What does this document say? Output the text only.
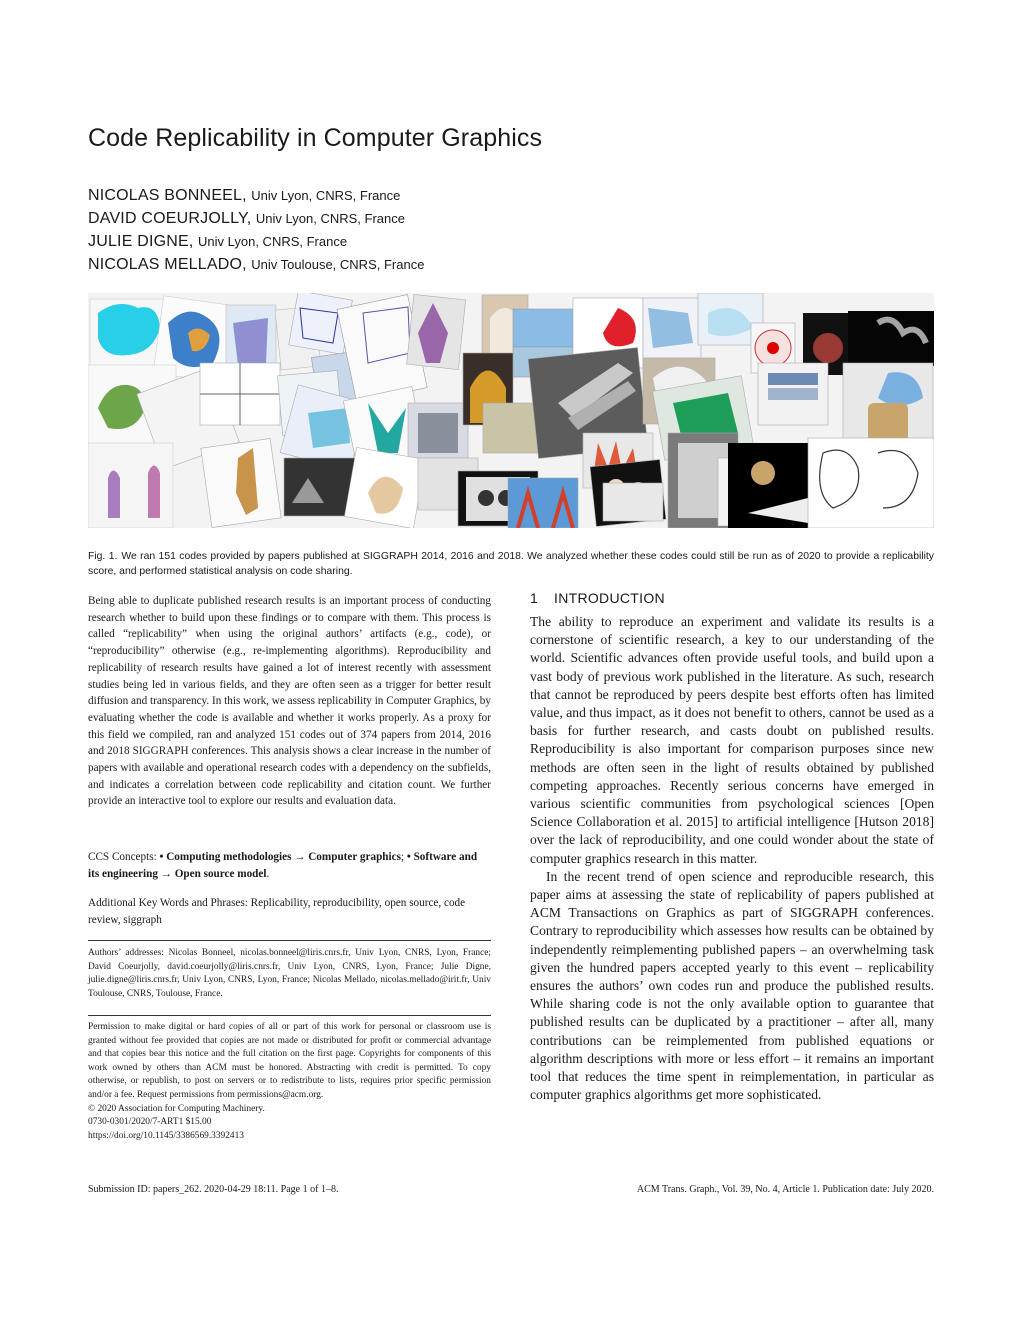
Code Replicability in Computer Graphics
NICOLAS BONNEEL, Univ Lyon, CNRS, France
DAVID COEURJOLLY, Univ Lyon, CNRS, France
JULIE DIGNE, Univ Lyon, CNRS, France
NICOLAS MELLADO, Univ Toulouse, CNRS, France
Fig. 1. We ran 151 codes provided by papers published at SIGGRAPH 2014, 2016 and 2018. We analyzed whether these codes could still be run as of 2020 to provide a replicability score, and performed statistical analysis on code sharing.
Being able to duplicate published research results is an important process of conducting research whether to build upon these findings or to compare with them. This process is called “replicability” when using the original authors’ artifacts (e.g., code), or “reproducibility” otherwise (e.g., re-implementing algorithms). Reproducibility and replicability of research results have gained a lot of interest recently with assessment studies being led in various fields, and they are often seen as a trigger for better result diffusion and transparency. In this work, we assess replicability in Computer Graphics, by evaluating whether the code is available and whether it works properly. As a proxy for this field we compiled, ran and analyzed 151 codes out of 374 papers from 2014, 2016 and 2018 SIGGRAPH conferences. This analysis shows a clear increase in the number of papers with available and operational research codes with a dependency on the subfields, and indicates a correlation between code replicability and citation count. We further provide an interactive tool to explore our results and evaluation data.
CCS Concepts: • Computing methodologies → Computer graphics; • Software and its engineering → Open source model.
Additional Key Words and Phrases: Replicability, reproducibility, open source, code review, siggraph
Authors’ addresses: Nicolas Bonneel, nicolas.bonneel@liris.cnrs.fr, Univ Lyon, CNRS, Lyon, France; David Coeurjolly, david.coeurjolly@liris.cnrs.fr, Univ Lyon, CNRS, Lyon, France; Julie Digne, julie.digne@liris.cnrs.fr, Univ Lyon, CNRS, Lyon, France; Nicolas Mellado, nicolas.mellado@irit.fr, Univ Toulouse, CNRS, Toulouse, France.
Permission to make digital or hard copies of all or part of this work for personal or classroom use is granted without fee provided that copies are not made or distributed for profit or commercial advantage and that copies bear this notice and the full citation on the first page. Copyrights for components of this work owned by others than ACM must be honored. Abstracting with credit is permitted. To copy otherwise, or republish, to post on servers or to redistribute to lists, requires prior specific permission and/or a fee. Request permissions from permissions@acm.org.
© 2020 Association for Computing Machinery.
0730-0301/2020/7-ART1 $15.00
https://doi.org/10.1145/3386569.3392413
1 INTRODUCTION

The ability to reproduce an experiment and validate its results is a cornerstone of scientific research, a key to our understanding of the world. Scientific advances often provide useful tools, and build upon a vast body of previous work published in the literature. As such, research that cannot be reproduced by peers despite best efforts often has limited value, and thus impact, as it does not benefit to others, cannot be used as a basis for further research, and casts doubt on published results. Reproducibility is also important for comparison purposes since new methods are often seen in the light of results obtained by published competing approaches. Recently serious concerns have emerged in various scientific communities from psychological sciences [Open Science Collaboration et al. 2015] to artificial intelligence [Hutson 2018] over the lack of reproducibility, and one could wonder about the state of computer graphics research in this matter.

In the recent trend of open science and reproducible research, this paper aims at assessing the state of replicability of papers published at ACM Transactions on Graphics as part of SIGGRAPH conferences. Contrary to reproducibility which assesses how results can be obtained by independently reimplementing published papers – an overwhelming task given the hundred papers accepted yearly to this event – replicability ensures the authors’ own codes run and produce the published results. While sharing code is not the only available option to guarantee that published results can be duplicated by a practitioner – after all, many contributions can be reimplemented from published equations or algorithm descriptions with more or less effort – it remains an important tool that reduces the time spent in reimplementation, in particular as computer graphics algorithms get more sophisticated.

Submission ID: papers_262. 2020-04-29 18:11. Page 1 of 1–8.	ACM Trans. Graph., Vol. 39, No. 4, Article 1. Publication date: July 2020.
